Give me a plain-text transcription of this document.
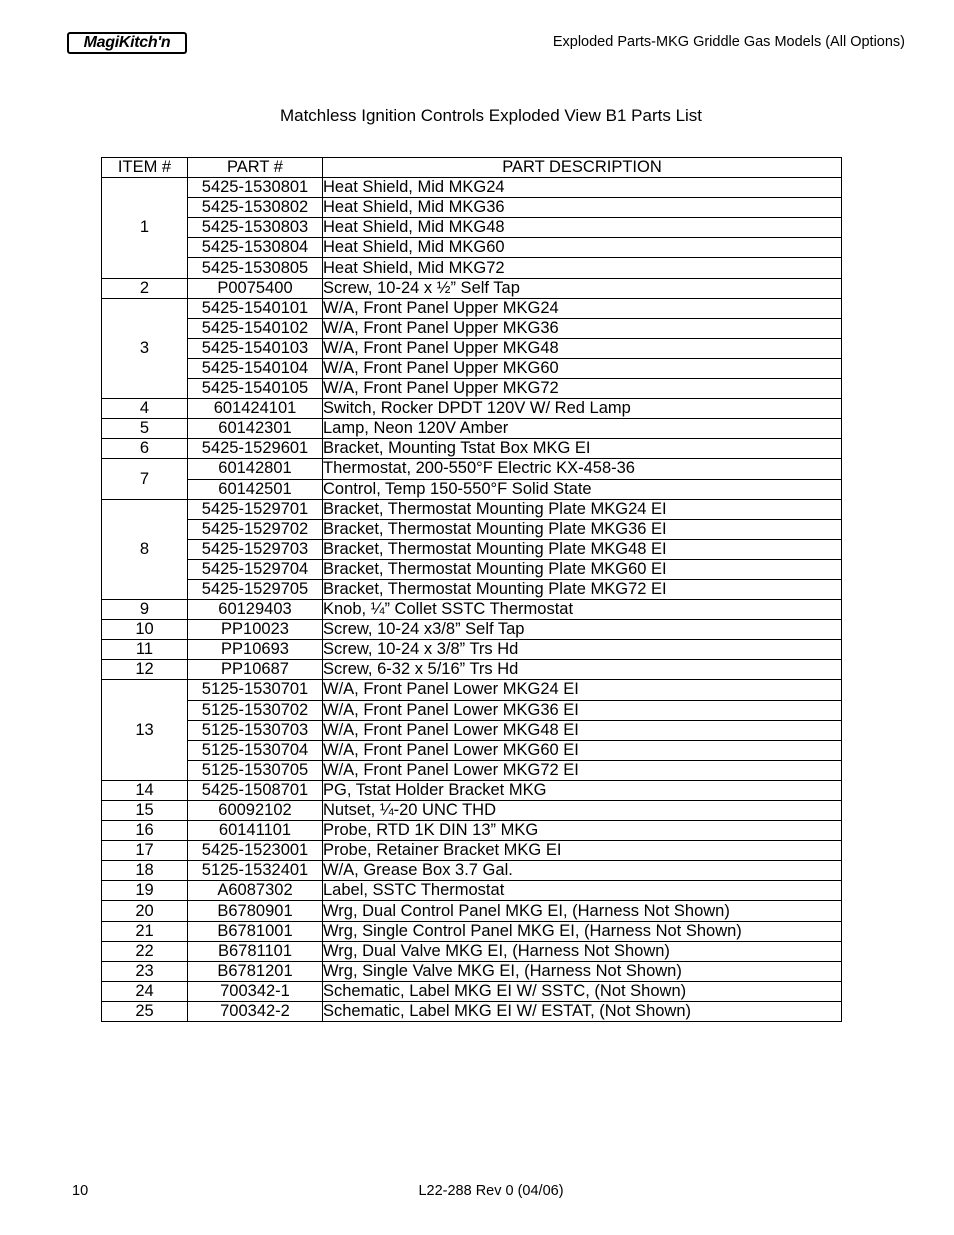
MagiKitch'n	Exploded Parts-MKG Griddle Gas Models (All Options)
Matchless Ignition Controls Exploded View B1 Parts List
ITEM #	PART #	PART DESCRIPTION
1	5425-1530801	Heat Shield, Mid MKG24
	5425-1530802	Heat Shield, Mid MKG36
	5425-1530803	Heat Shield, Mid MKG48
	5425-1530804	Heat Shield, Mid MKG60
	5425-1530805	Heat Shield, Mid MKG72
2	P0075400	Screw, 10-24 x ½” Self Tap
3	5425-1540101	W/A, Front Panel Upper MKG24
	5425-1540102	W/A, Front Panel Upper MKG36
	5425-1540103	W/A, Front Panel Upper MKG48
	5425-1540104	W/A, Front Panel Upper MKG60
	5425-1540105	W/A, Front Panel Upper MKG72
4	601424101	Switch, Rocker DPDT 120V W/ Red Lamp
5	60142301	Lamp, Neon 120V Amber
6	5425-1529601	Bracket, Mounting Tstat Box MKG EI
7	60142801	Thermostat, 200-550°F Electric KX-458-36
	60142501	Control, Temp 150-550°F Solid State
8	5425-1529701	Bracket, Thermostat Mounting Plate MKG24 EI
	5425-1529702	Bracket, Thermostat Mounting Plate MKG36 EI
	5425-1529703	Bracket, Thermostat Mounting Plate MKG48 EI
	5425-1529704	Bracket, Thermostat Mounting Plate MKG60 EI
	5425-1529705	Bracket, Thermostat Mounting Plate MKG72 EI
9	60129403	Knob, ¼” Collet SSTC Thermostat
10	PP10023	Screw, 10-24 x3/8” Self Tap
11	PP10693	Screw, 10-24 x 3/8” Trs Hd
12	PP10687	Screw, 6-32 x 5/16” Trs Hd
13	5125-1530701	W/A, Front Panel Lower MKG24 EI
	5125-1530702	W/A, Front Panel Lower MKG36 EI
	5125-1530703	W/A, Front Panel Lower MKG48 EI
	5125-1530704	W/A, Front Panel Lower MKG60 EI
	5125-1530705	W/A, Front Panel Lower MKG72 EI
14	5425-1508701	PG, Tstat Holder Bracket MKG
15	60092102	Nutset, ¼-20 UNC THD
16	60141101	Probe, RTD 1K DIN 13” MKG
17	5425-1523001	Probe, Retainer Bracket MKG EI
18	5125-1532401	W/A, Grease Box 3.7 Gal.
19	A6087302	Label, SSTC Thermostat
20	B6780901	Wrg, Dual Control Panel MKG EI, (Harness Not Shown)
21	B6781001	Wrg, Single Control Panel MKG EI, (Harness Not Shown)
22	B6781101	Wrg, Dual Valve MKG EI, (Harness Not Shown)
23	B6781201	Wrg, Single Valve MKG EI, (Harness Not Shown)
24	700342-1	Schematic, Label MKG EI W/ SSTC, (Not Shown)
25	700342-2	Schematic, Label MKG EI W/ ESTAT, (Not Shown)
10	L22-288 Rev 0 (04/06)
